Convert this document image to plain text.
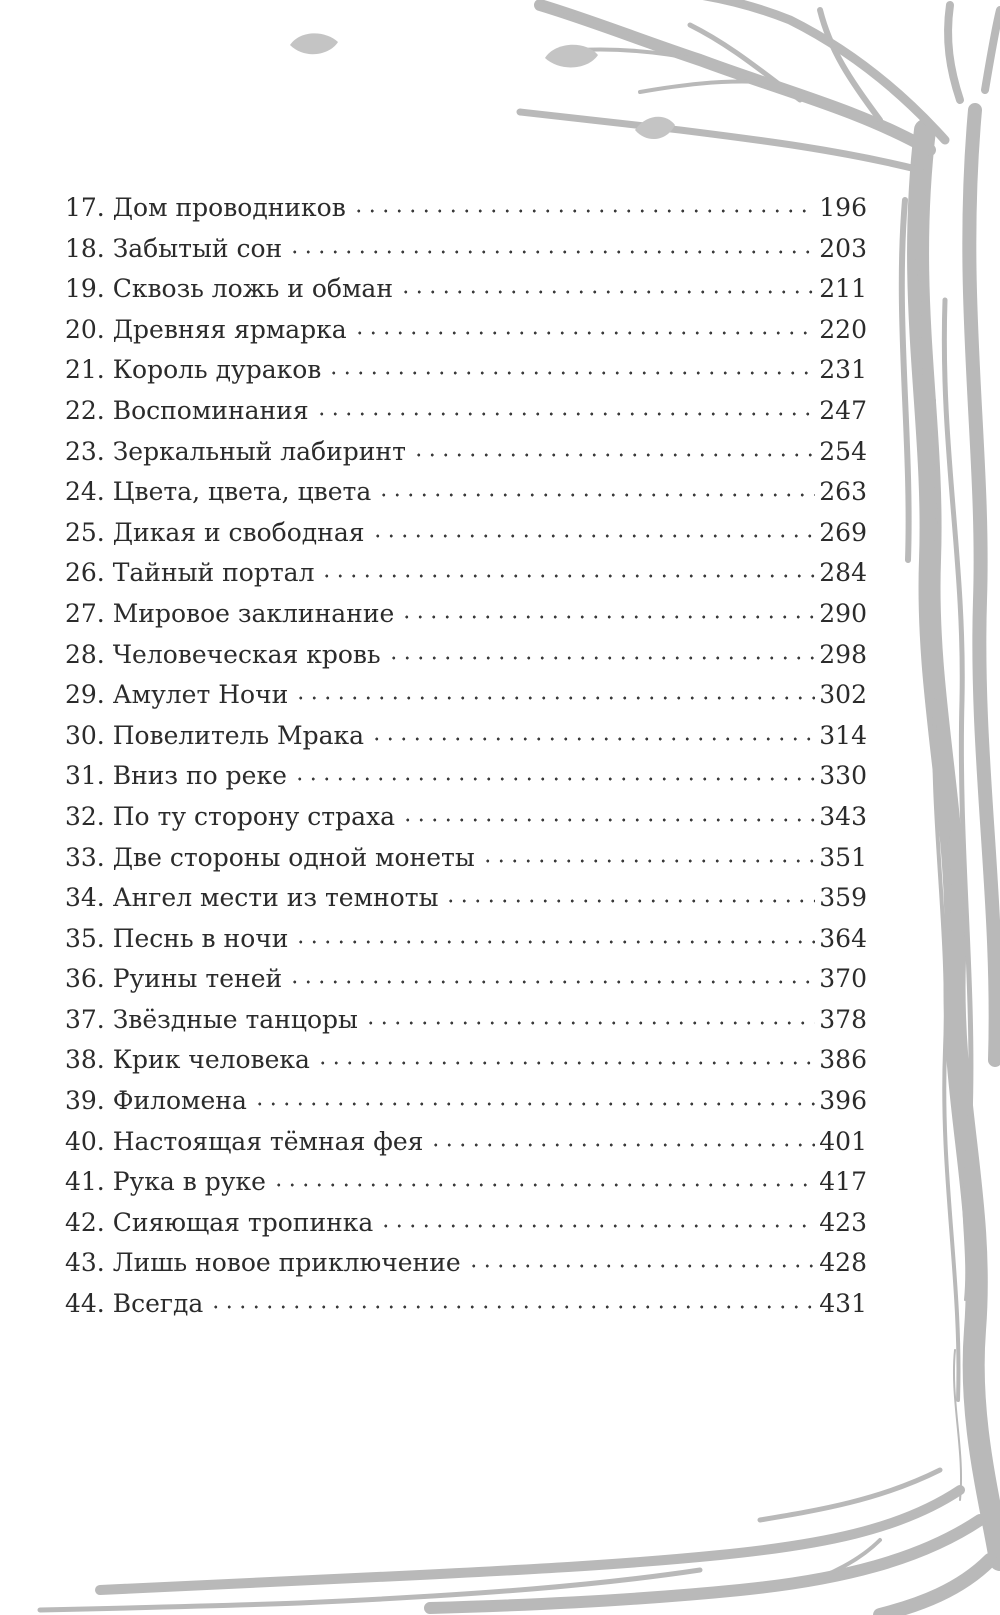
17. Дом проводников	196
18. Забытый сон	203
19. Сквозь ложь и обман	211
20. Древняя ярмарка	220
21. Король дураков	231
22. Воспоминания	247
23. Зеркальный лабиринт	254
24. Цвета, цвета, цвета	263
25. Дикая и свободная	269
26. Тайный портал	284
27. Мировое заклинание	290
28. Человеческая кровь	298
29. Амулет Ночи	302
30. Повелитель Мрака	314
31. Вниз по реке	330
32. По ту сторону страха	343
33. Две стороны одной монеты	351
34. Ангел мести из темноты	359
35. Песнь в ночи	364
36. Руины теней	370
37. Звёздные танцоры	378
38. Крик человека	386
39. Филомена	396
40. Настоящая тёмная фея	401
41. Рука в руке	417
42. Сияющая тропинка	423
43. Лишь новое приключение	428
44. Всегда	431
